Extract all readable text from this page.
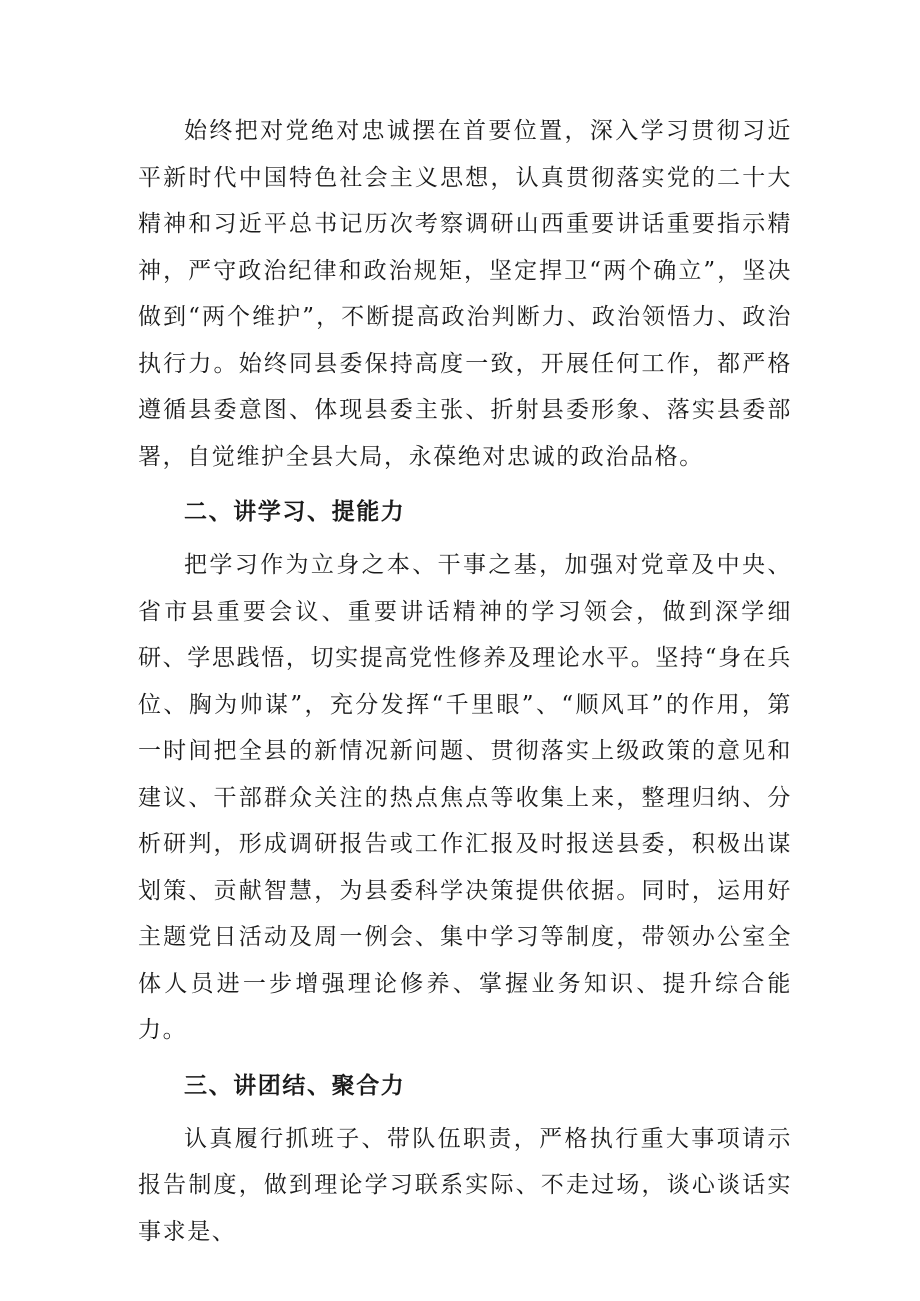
始终把对党绝对忠诚摆在首要位置，深入学习贯彻习近平新时代中国特色社会主义思想，认真贯彻落实党的二十大精神和习近平总书记历次考察调研山西重要讲话重要指示精神，严守政治纪律和政治规矩，坚定捍卫“两个确立”，坚决做到“两个维护”，不断提高政治判断力、政治领悟力、政治执行力。始终同县委保持高度一致，开展任何工作，都严格遵循县委意图、体现县委主张、折射县委形象、落实县委部署，自觉维护全县大局，永葆绝对忠诚的政治品格。

二、讲学习、提能力

把学习作为立身之本、干事之基，加强对党章及中央、省市县重要会议、重要讲话精神的学习领会，做到深学细研、学思践悟，切实提高党性修养及理论水平。坚持“身在兵位、胸为帅谋”，充分发挥“千里眼”、“顺风耳”的作用，第一时间把全县的新情况新问题、贯彻落实上级政策的意见和建议、干部群众关注的热点焦点等收集上来，整理归纳、分析研判，形成调研报告或工作汇报及时报送县委，积极出谋划策、贡献智慧，为县委科学决策提供依据。同时，运用好主题党日活动及周一例会、集中学习等制度，带领办公室全体人员进一步增强理论修养、掌握业务知识、提升综合能力。

三、讲团结、聚合力

认真履行抓班子、带队伍职责，严格执行重大事项请示报告制度，做到理论学习联系实际、不走过场，谈心谈话实事求是、
